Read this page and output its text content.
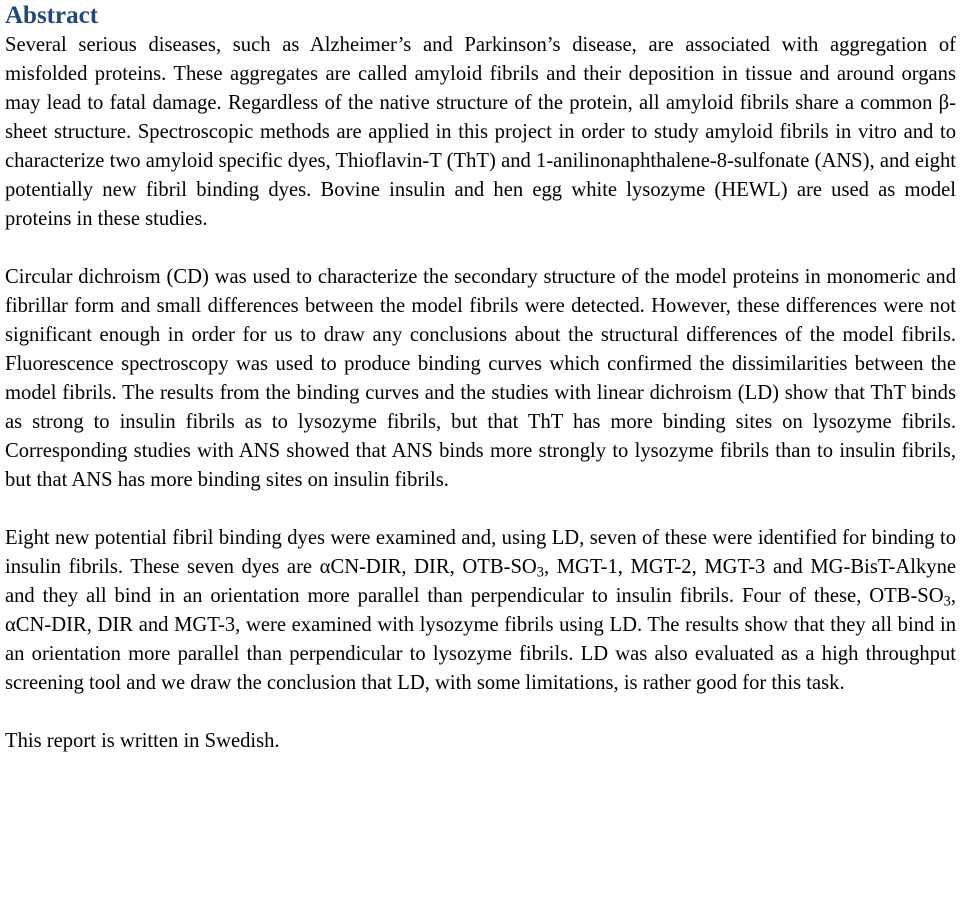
Abstract

Several serious diseases, such as Alzheimer’s and Parkinson’s disease, are associated with aggregation of misfolded proteins. These aggregates are called amyloid fibrils and their deposition in tissue and around organs may lead to fatal damage. Regardless of the native structure of the protein, all amyloid fibrils share a common β-sheet structure. Spectroscopic methods are applied in this project in order to study amyloid fibrils in vitro and to characterize two amyloid specific dyes, Thioflavin-T (ThT) and 1-anilinonaphthalene-8-sulfonate (ANS), and eight potentially new fibril binding dyes. Bovine insulin and hen egg white lysozyme (HEWL) are used as model proteins in these studies.

Circular dichroism (CD) was used to characterize the secondary structure of the model proteins in monomeric and fibrillar form and small differences between the model fibrils were detected. However, these differences were not significant enough in order for us to draw any conclusions about the structural differences of the model fibrils. Fluorescence spectroscopy was used to produce binding curves which confirmed the dissimilarities between the model fibrils. The results from the binding curves and the studies with linear dichroism (LD) show that ThT binds as strong to insulin fibrils as to lysozyme fibrils, but that ThT has more binding sites on lysozyme fibrils. Corresponding studies with ANS showed that ANS binds more strongly to lysozyme fibrils than to insulin fibrils, but that ANS has more binding sites on insulin fibrils.

Eight new potential fibril binding dyes were examined and, using LD, seven of these were identified for binding to insulin fibrils. These seven dyes are αCN-DIR, DIR, OTB-$SO_3$, MGT-1, MGT-2, MGT-3 and MG-BisT-Alkyne and they all bind in an orientation more parallel than perpendicular to insulin fibrils. Four of these, OTB-$SO_3$, αCN-DIR, DIR and MGT-3, were examined with lysozyme fibrils using LD. The results show that they all bind in an orientation more parallel than perpendicular to lysozyme fibrils. LD was also evaluated as a high throughput screening tool and we draw the conclusion that LD, with some limitations, is rather good for this task.

This report is written in Swedish.
